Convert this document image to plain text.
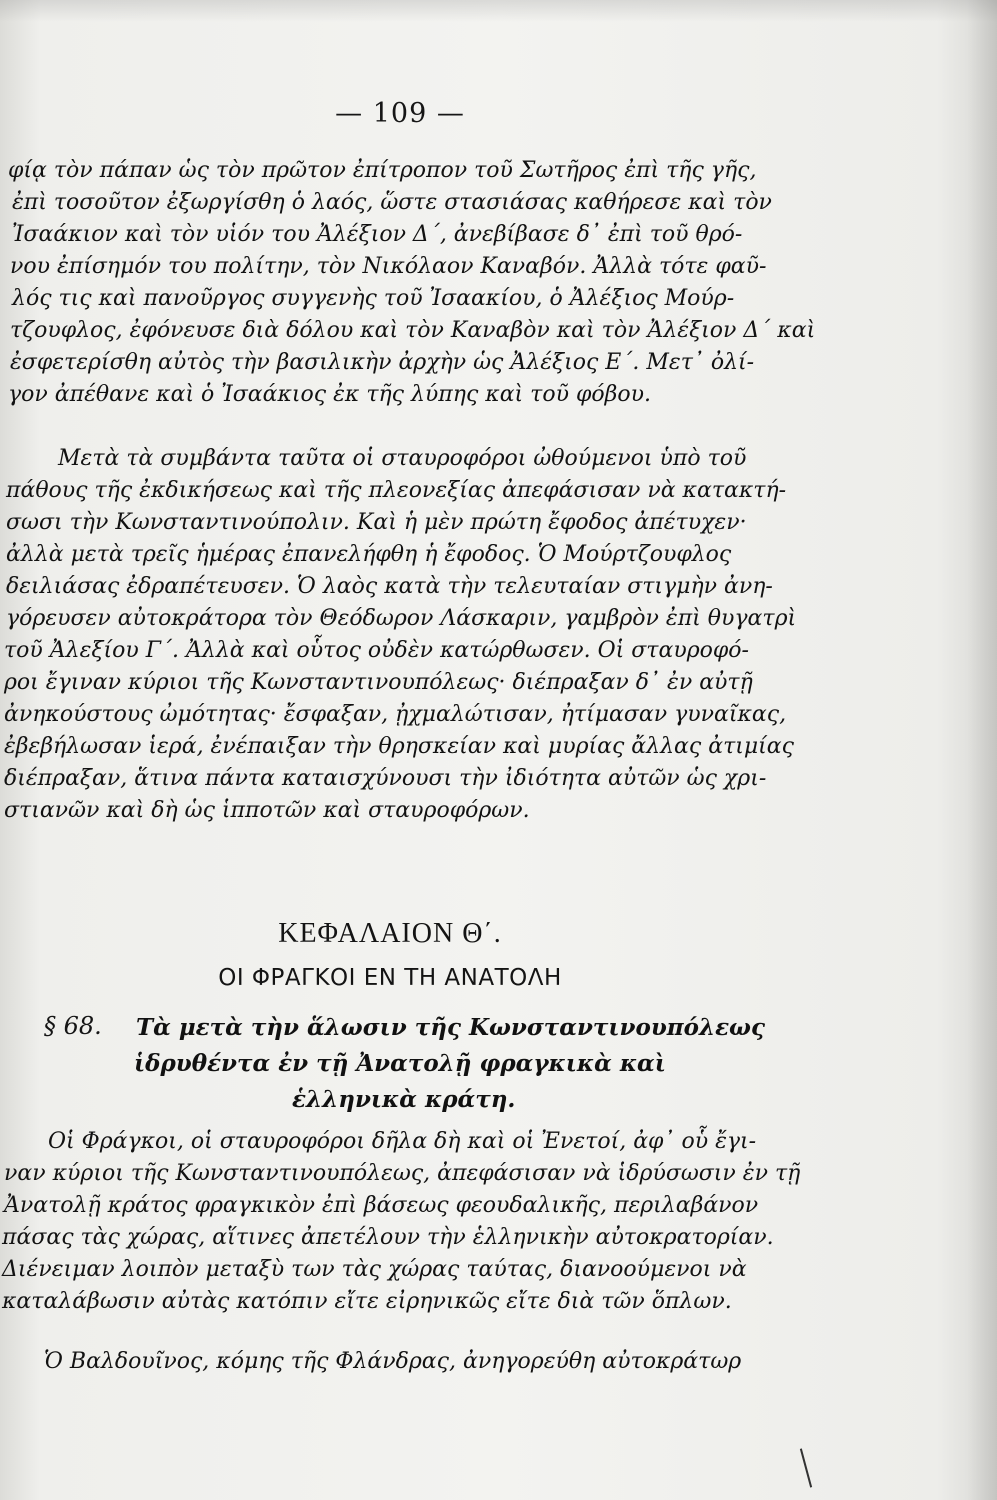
— 109 —
φίᾳ τὸν πάπαν ὡς τὸν πρῶτον ἐπίτροπον τοῦ Σωτῆρος ἐπὶ τῆς γῆς,
ἐπὶ τοσοῦτον ἐξωργίσθη ὁ λαός, ὥστε στασιάσας καθήρεσε καὶ τὸν
Ἰσαάκιον καὶ τὸν υἱόν του Ἀλέξιον Δ΄, ἀνεβίβασε δ᾽ ἐπὶ τοῦ θρό-
νου ἐπίσημόν του πολίτην, τὸν Νικόλαον Καναβόν. Ἀλλὰ τότε φαῦ-
λός τις καὶ πανοῦργος συγγενὴς τοῦ Ἰσαακίου, ὁ Ἀλέξιος Μούρ-
τζουφλος, ἐφόνευσε διὰ δόλου καὶ τὸν Καναβὸν καὶ τὸν Ἀλέξιον Δ΄ καὶ
ἐσφετερίσθη αὐτὸς τὴν βασιλικὴν ἀρχὴν ὡς Ἀλέξιος Ε΄. Μετ᾽ ὀλί-
γον ἀπέθανε καὶ ὁ Ἰσαάκιος ἐκ τῆς λύπης καὶ τοῦ φόβου.
Μετὰ τὰ συμβάντα ταῦτα οἱ σταυροφόροι ὠθούμενοι ὑπὸ τοῦ
πάθους τῆς ἐκδικήσεως καὶ τῆς πλεονεξίας ἀπεφάσισαν νὰ κατακτή-
σωσι τὴν Κωνσταντινούπολιν. Καὶ ἡ μὲν πρώτη ἔφοδος ἀπέτυχεν·
ἀλλὰ μετὰ τρεῖς ἡμέρας ἐπανελήφθη ἡ ἔφοδος. Ὁ Μούρτζουφλος
δειλιάσας ἐδραπέτευσεν. Ὁ λαὸς κατὰ τὴν τελευταίαν στιγμὴν ἀνη-
γόρευσεν αὐτοκράτορα τὸν Θεόδωρον Λάσκαριν, γαμβρὸν ἐπὶ θυγατρὶ
τοῦ Ἀλεξίου Γ΄. Ἀλλὰ καὶ οὗτος οὐδὲν κατώρθωσεν. Οἱ σταυροφό-
ροι ἔγιναν κύριοι τῆς Κωνσταντινουπόλεως· διέπραξαν δ᾽ ἐν αὐτῇ
ἀνηκούστους ὠμότητας· ἔσφαξαν, ᾐχμαλώτισαν, ἠτίμασαν γυναῖκας,
ἐβεβήλωσαν ἱερά, ἐνέπαιξαν τὴν θρησκείαν καὶ μυρίας ἄλλας ἀτιμίας
διέπραξαν, ἅτινα πάντα καταισχύνουσι τὴν ἰδιότητα αὐτῶν ὡς χρι-
στιανῶν καὶ δὴ ὡς ἱπποτῶν καὶ σταυροφόρων.
ΚΕΦΑΛΑΙΟΝ Θ΄.
ΟΙ ΦΡΑΓΚΟΙ ΕΝ ΤΗ ΑΝΑΤΟΛΗ
§ 68. Τὰ μετὰ τὴν ἅλωσιν τῆς Κωνσταντινουπόλεως
ἱδρυθέντα ἐν τῇ Ἀνατολῇ φραγκικὰ καὶ
ἑλληνικὰ κράτη.
Οἱ Φράγκοι, οἱ σταυροφόροι δῆλα δὴ καὶ οἱ Ἐνετοί, ἀφ᾽ οὗ ἔγι-
ναν κύριοι τῆς Κωνσταντινουπόλεως, ἀπεφάσισαν νὰ ἱδρύσωσιν ἐν τῇ
Ἀνατολῇ κράτος φραγκικὸν ἐπὶ βάσεως φεουδαλικῆς, περιλαβάνον
πάσας τὰς χώρας, αἵτινες ἀπετέλουν τὴν ἑλληνικὴν αὐτοκρατορίαν.
Διένειμαν λοιπὸν μεταξὺ των τὰς χώρας ταύτας, διανοούμενοι νὰ
καταλάβωσιν αὐτὰς κατόπιν εἴτε εἰρηνικῶς εἴτε διὰ τῶν ὅπλων.
Ὁ Βαλδουῖνος, κόμης τῆς Φλάνδρας, ἀνηγορεύθη αὐτοκράτωρ
